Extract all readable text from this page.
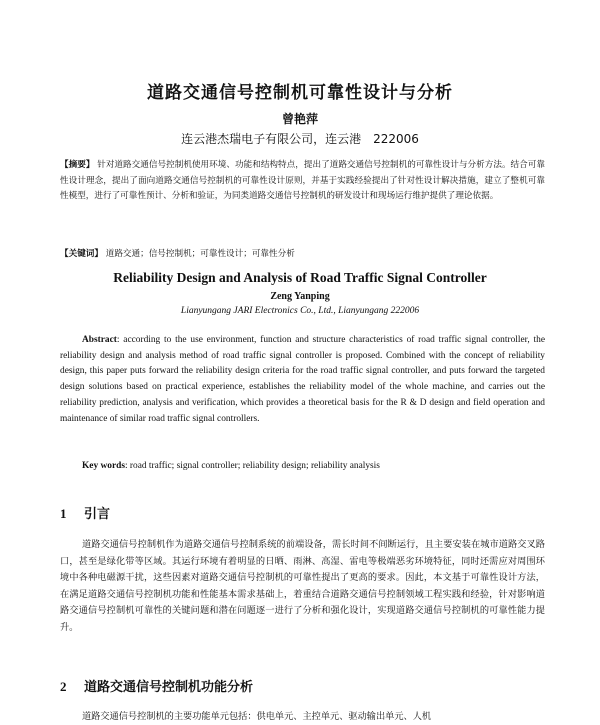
道路交通信号控制机可靠性设计与分析
曾艳萍
连云港杰瑞电子有限公司，连云港　222006
【摘要】 针对道路交通信号控制机使用环境、功能和结构特点，提出了道路交通信号控制机的可靠性设计与分析方法。结合可靠性设计理念，提出了面向道路交通信号控制机的可靠性设计原则，并基于实践经验提出了针对性设计解决措施，建立了整机可靠性模型，进行了可靠性预计、分析和验证，为同类道路交通信号控制机的研发设计和现场运行维护提供了理论依据。
【关键词】 道路交通；信号控制机；可靠性设计；可靠性分析
Reliability Design and Analysis of Road Traffic Signal Controller
Zeng Yanping
Lianyungang JARI Electronics Co., Ltd., Lianyungang 222006
Abstract: according to the use environment, function and structure characteristics of road traffic signal controller, the reliability design and analysis method of road traffic signal controller is proposed. Combined with the concept of reliability design, this paper puts forward the reliability design criteria for the road traffic signal controller, and puts forward the targeted design solutions based on practical experience, establishes the reliability model of the whole machine, and carries out the reliability prediction, analysis and verification, which provides a theoretical basis for the R & D design and field operation and maintenance of similar road traffic signal controllers.
Key words: road traffic; signal controller; reliability design; reliability analysis
1 引言
道路交通信号控制机作为道路交通信号控制系统的前端设备，需长时间不间断运行，且主要安装在城市道路交叉路口，甚至是绿化带等区域。其运行环境有着明显的日晒、雨淋、高湿、雷电等极端恶劣环境特征，同时还需应对周围环境中各种电磁源干扰，这些因素对道路交通信号控制机的可靠性提出了更高的要求。因此，本文基于可靠性设计方法，在满足道路交通信号控制机功能和性能基本需求基础上，着重结合道路交通信号控制领域工程实践和经验，针对影响道路交通信号控制机可靠性的关键问题和潜在问题逐一进行了分析和强化设计，实现道路交通信号控制机的可靠性能力提升。
2 道路交通信号控制机功能分析
道路交通信号控制机的主要功能单元包括：供电单元、主控单元、驱动输出单元、人机
